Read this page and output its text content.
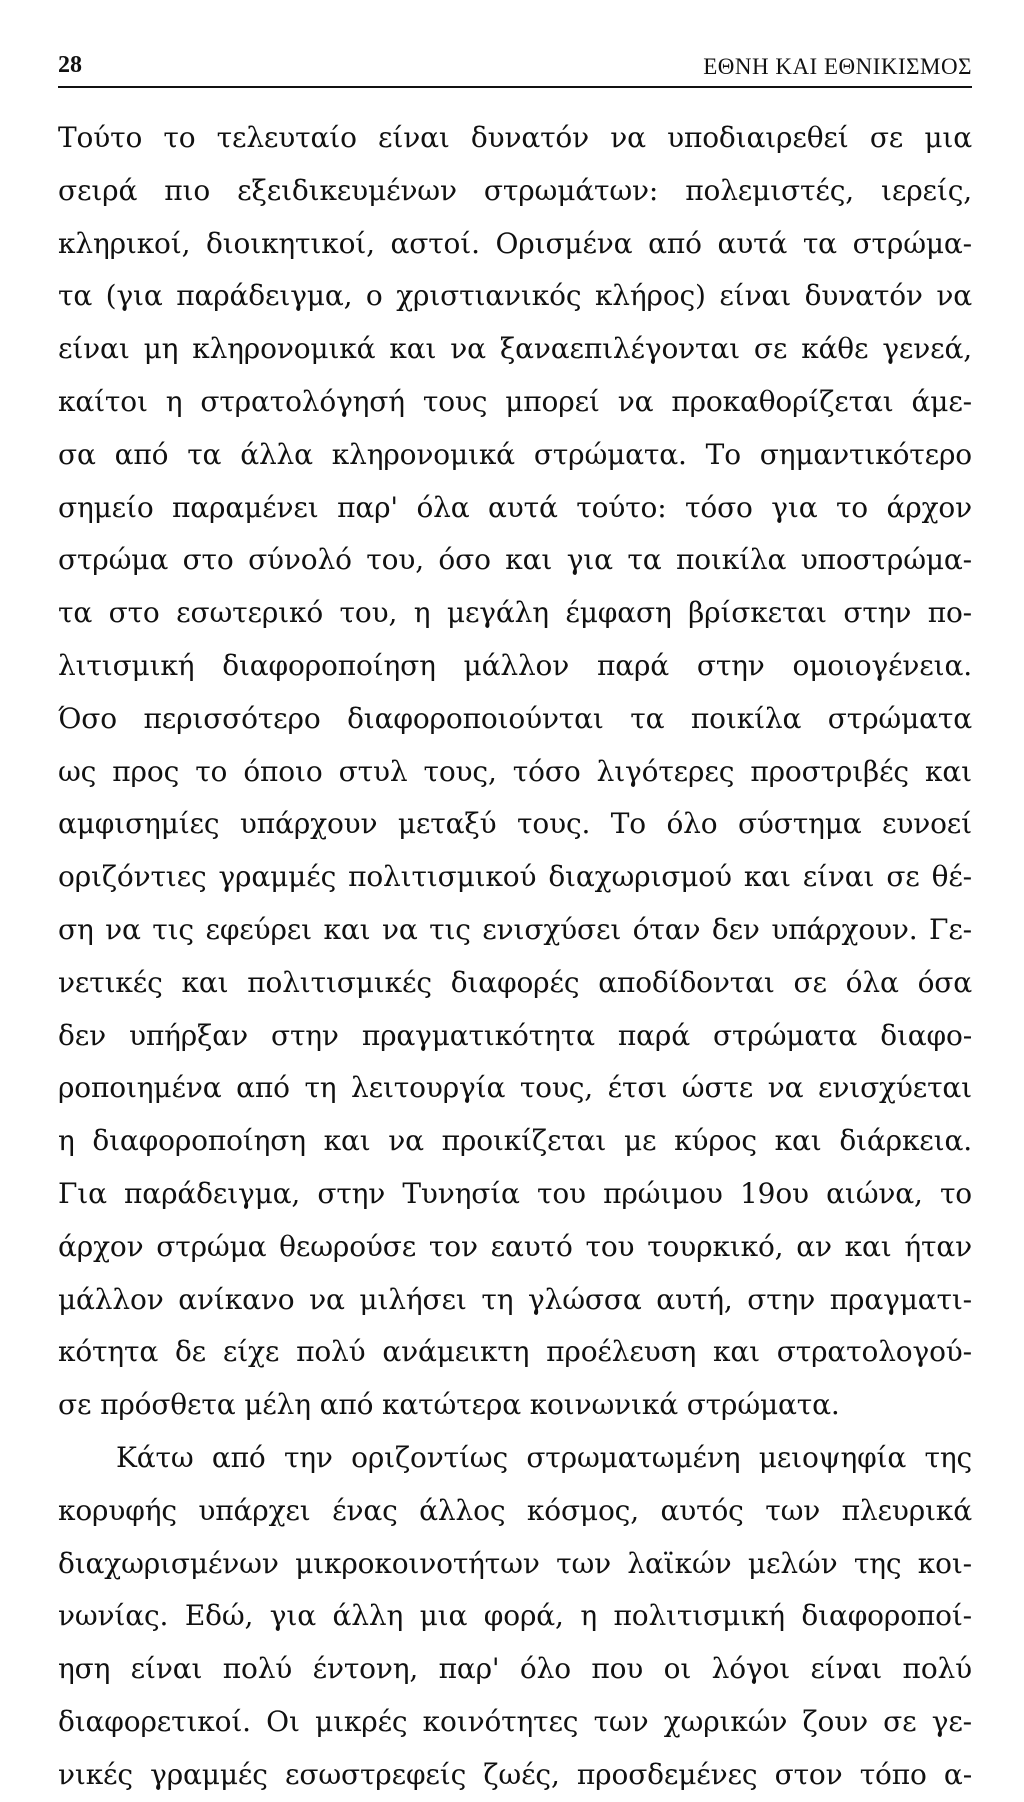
28	ΕΘΝΗ ΚΑΙ ΕΘΝΙΚΙΣΜΟΣ
Τούτο το τελευταίο είναι δυνατόν να υποδιαιρεθεί σε μια
σειρά πιο εξειδικευμένων στρωμάτων: πολεμιστές, ιερείς,
κληρικοί, διοικητικοί, αστοί. Ορισμένα από αυτά τα στρώμα-
τα (για παράδειγμα, ο χριστιανικός κλήρος) είναι δυνατόν να
είναι μη κληρονομικά και να ξαναεπιλέγονται σε κάθε γενεά,
καίτοι η στρατολόγησή τους μπορεί να προκαθορίζεται άμε-
σα από τα άλλα κληρονομικά στρώματα. Το σημαντικότερο
σημείο παραμένει παρ' όλα αυτά τούτο: τόσο για το άρχον
στρώμα στο σύνολό του, όσο και για τα ποικίλα υποστρώμα-
τα στο εσωτερικό του, η μεγάλη έμφαση βρίσκεται στην πο-
λιτισμική διαφοροποίηση μάλλον παρά στην ομοιογένεια.
Όσο περισσότερο διαφοροποιούνται τα ποικίλα στρώματα
ως προς το όποιο στυλ τους, τόσο λιγότερες προστριβές και
αμφισημίες υπάρχουν μεταξύ τους. Το όλο σύστημα ευνοεί
οριζόντιες γραμμές πολιτισμικού διαχωρισμού και είναι σε θέ-
ση να τις εφεύρει και να τις ενισχύσει όταν δεν υπάρχουν. Γε-
νετικές και πολιτισμικές διαφορές αποδίδονται σε όλα όσα
δεν υπήρξαν στην πραγματικότητα παρά στρώματα διαφο-
ροποιημένα από τη λειτουργία τους, έτσι ώστε να ενισχύεται
η διαφοροποίηση και να προικίζεται με κύρος και διάρκεια.
Για παράδειγμα, στην Τυνησία του πρώιμου 19ου αιώνα, το
άρχον στρώμα θεωρούσε τον εαυτό του τουρκικό, αν και ήταν
μάλλον ανίκανο να μιλήσει τη γλώσσα αυτή, στην πραγματι-
κότητα δε είχε πολύ ανάμεικτη προέλευση και στρατολογού-
σε πρόσθετα μέλη από κατώτερα κοινωνικά στρώματα.
Κάτω από την οριζοντίως στρωματωμένη μειοψηφία της
κορυφής υπάρχει ένας άλλος κόσμος, αυτός των πλευρικά
διαχωρισμένων μικροκοινοτήτων των λαϊκών μελών της κοι-
νωνίας. Εδώ, για άλλη μια φορά, η πολιτισμική διαφοροποί-
ηση είναι πολύ έντονη, παρ' όλο που οι λόγοι είναι πολύ
διαφορετικοί. Οι μικρές κοινότητες των χωρικών ζουν σε γε-
νικές γραμμές εσωστρεφείς ζωές, προσδεμένες στον τόπο α-
